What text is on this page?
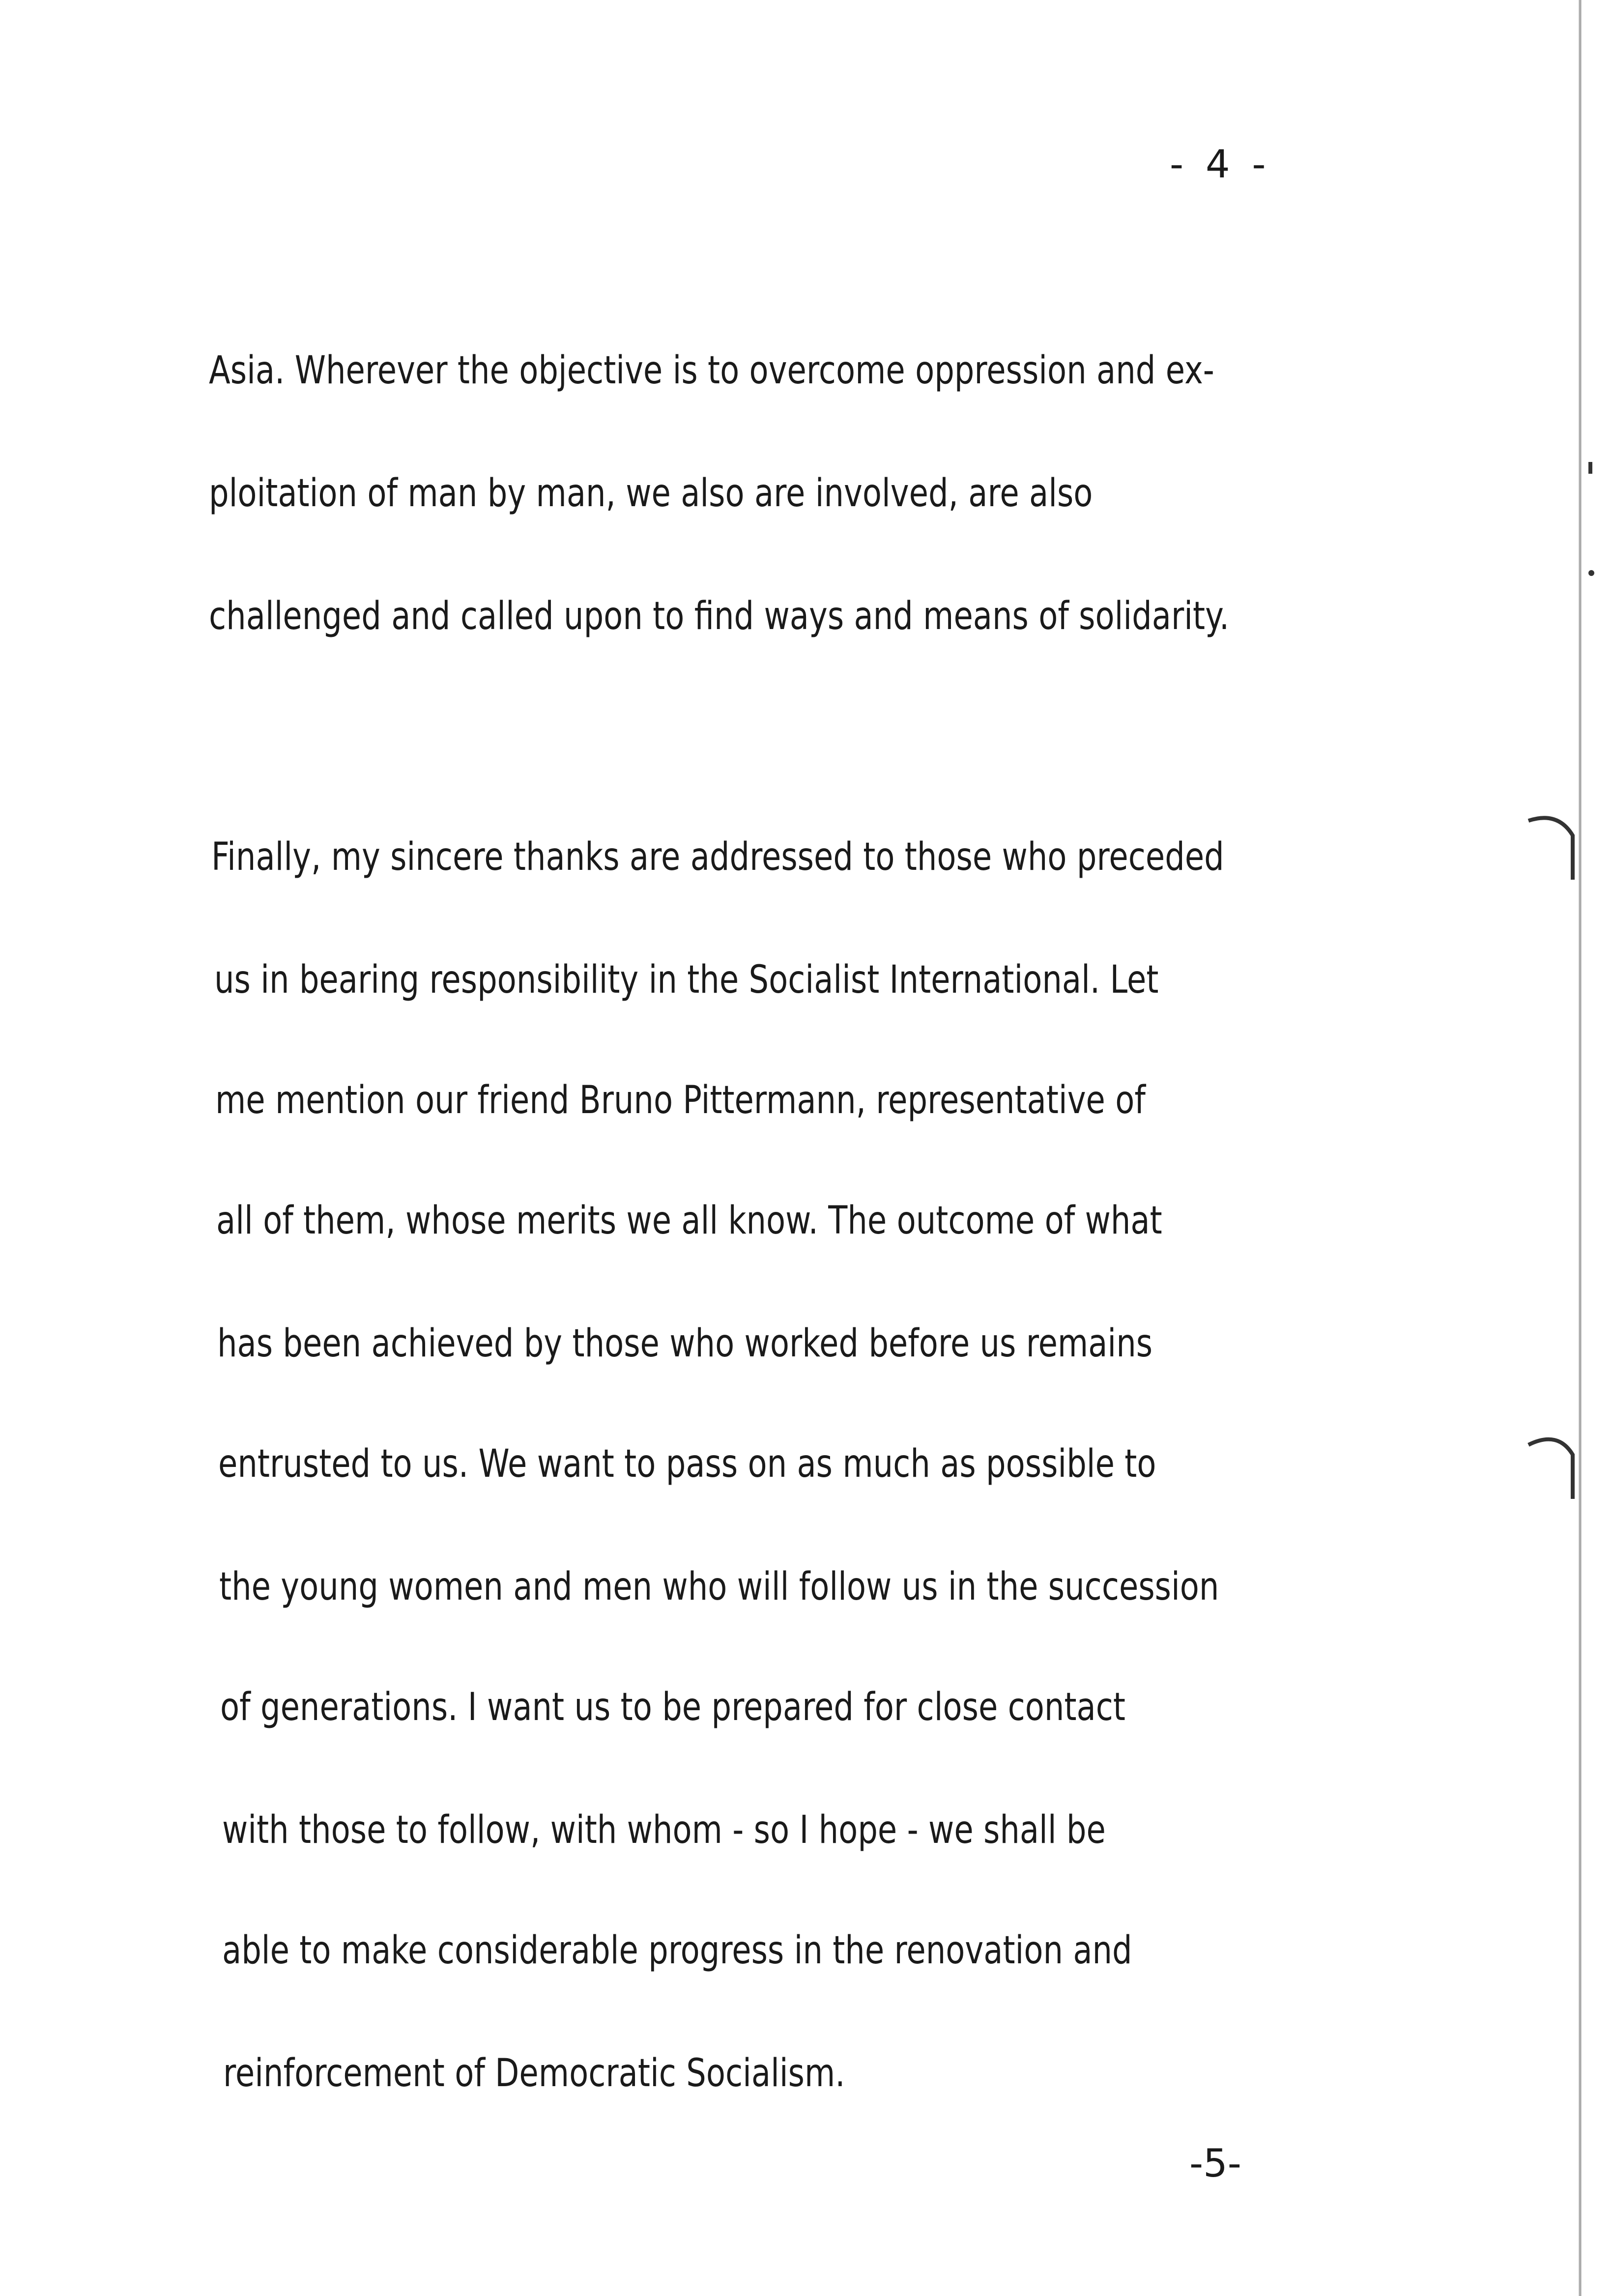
- 4 -
Asia. Wherever the objective is to overcome oppression and ex-
ploitation of man by man, we also are involved, are also
challenged and called upon to find ways and means of solidarity.
Finally, my sincere thanks are addressed to those who preceded
us in bearing responsibility in the Socialist International. Let
me mention our friend Bruno Pittermann, representative of
all of them, whose merits we all know. The outcome of what
has been achieved by those who worked before us remains
entrusted to us. We want to pass on as much as possible to
the young women and men who will follow us in the succession
of generations. I want us to be prepared for close contact
with those to follow, with whom - so I hope - we shall be
able to make considerable progress in the renovation and
reinforcement of Democratic Socialism.
-5-
